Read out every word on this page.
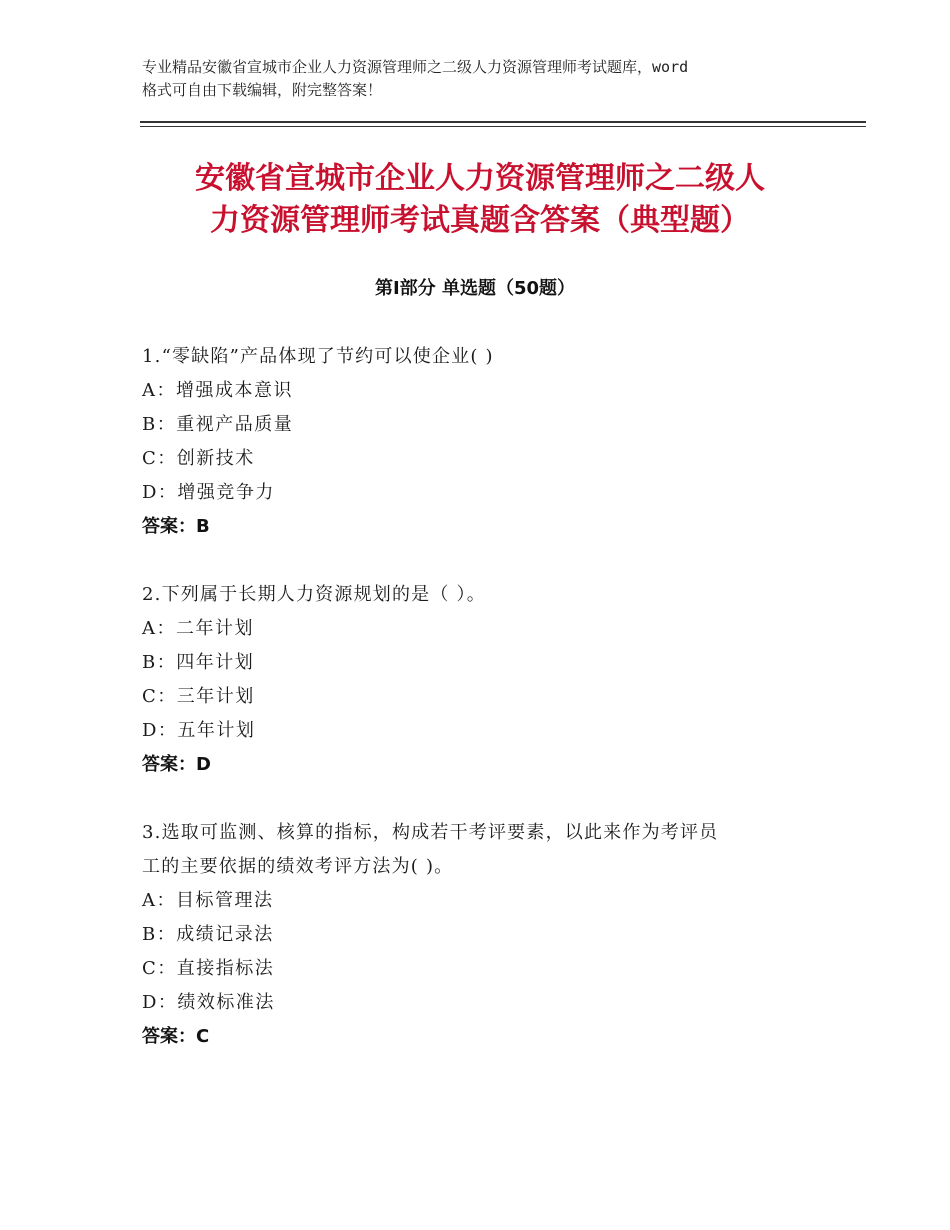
专业精品安徽省宣城市企业人力资源管理师之二级人力资源管理师考试题库，word
格式可自由下载编辑，附完整答案！
安徽省宣城市企业人力资源管理师之二级人
力资源管理师考试真题含答案（典型题）
第Ⅰ部分 单选题（50题）
1.“零缺陷”产品体现了节约可以使企业( )
A：增强成本意识
B：重视产品质量
C：创新技术
D：增强竞争力
答案：B
2.下列属于长期人力资源规划的是（ ）。
A：二年计划
B：四年计划
C：三年计划
D：五年计划
答案：D
3.选取可监测、核算的指标，构成若干考评要素，以此来作为考评员
工的主要依据的绩效考评方法为( )。
A：目标管理法
B：成绩记录法
C：直接指标法
D：绩效标准法
答案：C
